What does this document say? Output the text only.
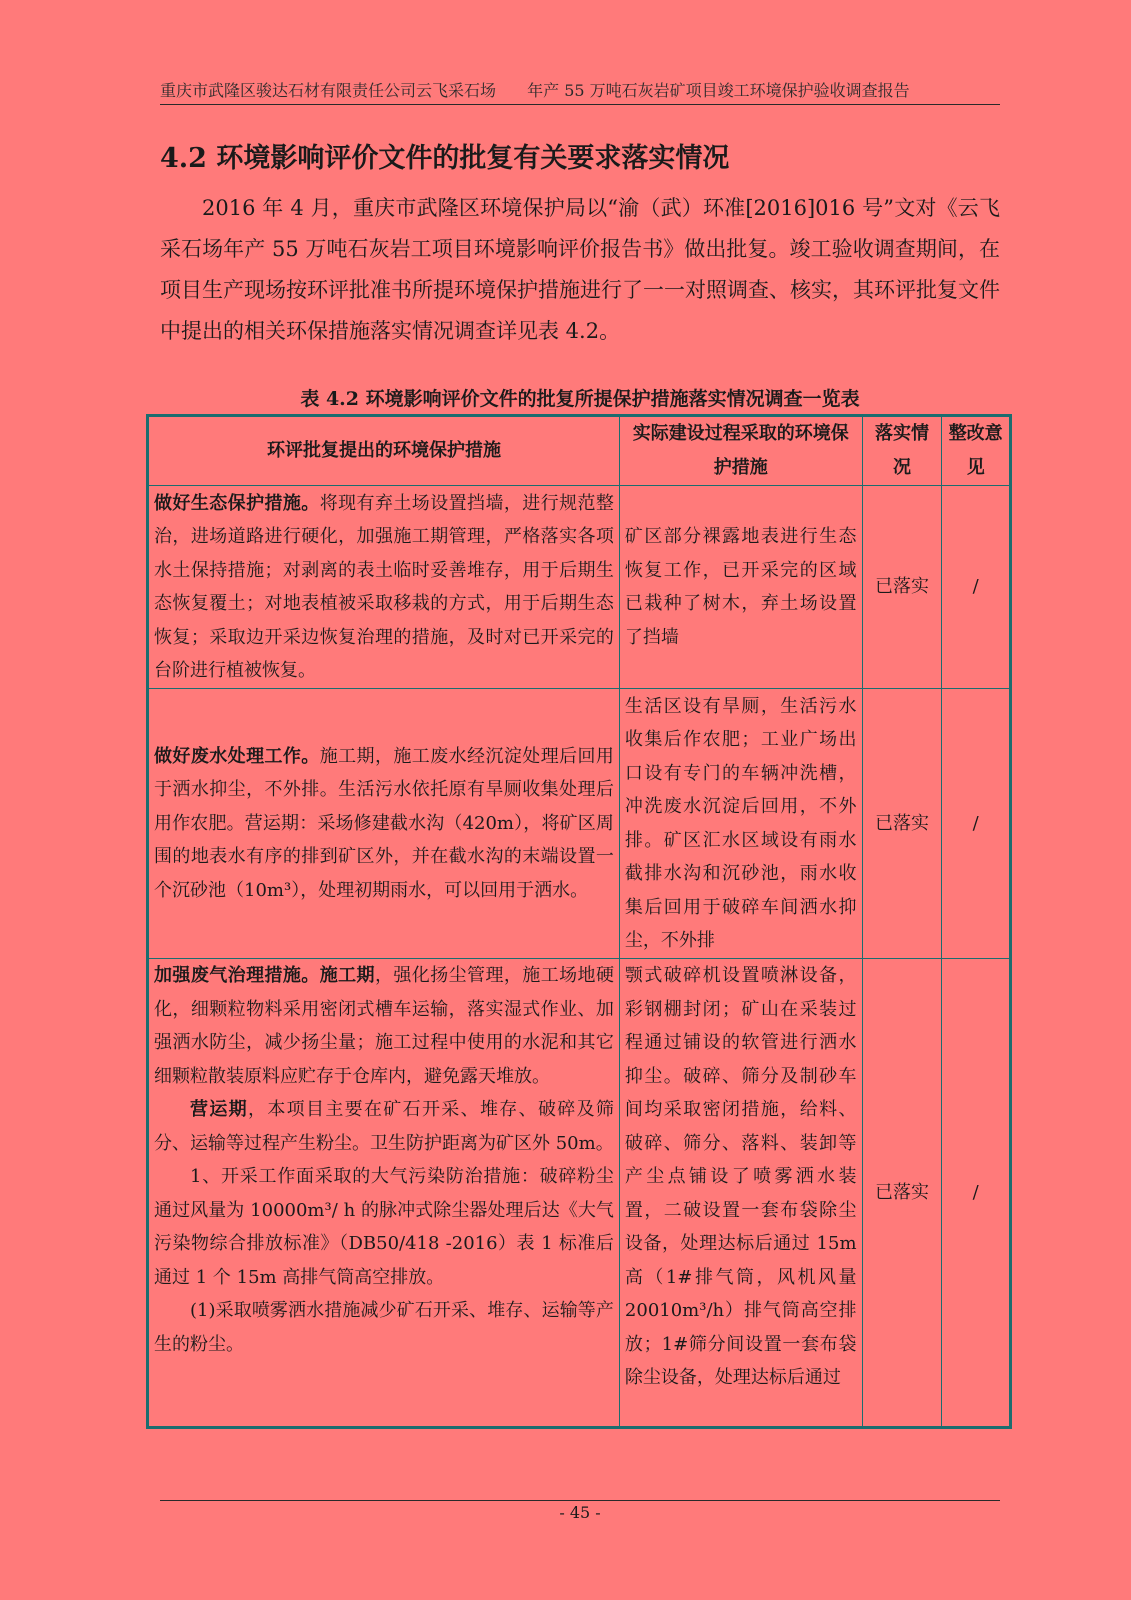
重庆市武隆区骏达石材有限责任公司云飞采石场 年产 55 万吨石灰岩矿项目竣工环境保护验收调查报告
4.2 环境影响评价文件的批复有关要求落实情况

2016 年 4 月，重庆市武隆区环境保护局以“渝（武）环准[2016]016 号”文对《云飞采石场年产 55 万吨石灰岩工项目环境影响评价报告书》做出批复。竣工验收调查期间，在项目生产现场按环评批准书所提环境保护措施进行了一一对照调查、核实，其环评批复文件中提出的相关环保措施落实情况调查详见表 4.2。

表 4.2 环境影响评价文件的批复所提保护措施落实情况调查一览表
环评批复提出的环境保护措施	实际建设过程采取的环境保护措施	落实情况	整改意见
做好生态保护措施。将现有弃土场设置挡墙，进行规范整治，进场道路进行硬化，加强施工期管理，严格落实各项水土保持措施；对剥离的表土临时妥善堆存，用于后期生态恢复覆土；对地表植被采取移栽的方式，用于后期生态恢复；采取边开采边恢复治理的措施，及时对已开采完的台阶进行植被恢复。	矿区部分裸露地表进行生态恢复工作，已开采完的区域已栽种了树木，弃土场设置了挡墙	已落实	/
做好废水处理工作。施工期，施工废水经沉淀处理后回用于洒水抑尘，不外排。生活污水依托原有旱厕收集处理后用作农肥。营运期：采场修建截水沟（420m），将矿区周围的地表水有序的排到矿区外，并在截水沟的末端设置一个沉砂池（10m³），处理初期雨水，可以回用于洒水。	生活区设有旱厕，生活污水收集后作农肥；工业广场出口设有专门的车辆冲洗槽，冲洗废水沉淀后回用，不外排。矿区汇水区域设有雨水截排水沟和沉砂池，雨水收集后回用于破碎车间洒水抑尘，不外排	已落实	/
加强废气治理措施。施工期，强化扬尘管理，施工场地硬化，细颗粒物料采用密闭式槽车运输，落实湿式作业、加强洒水防尘，减少扬尘量；施工过程中使用的水泥和其它细颗粒散装原料应贮存于仓库内，避免露天堆放。
营运期，本项目主要在矿石开采、堆存、破碎及筛分、运输等过程产生粉尘。卫生防护距离为矿区外 50m。
1、开采工作面采取的大气污染防治措施：破碎粉尘通过风量为 10000m³/ h 的脉冲式除尘器处理后达《大气污染物综合排放标准》（DB50/418 -2016）表 1 标准后通过 1 个 15m 高排气筒高空排放。
(1)采取喷雾洒水措施减少矿石开采、堆存、运输等产生的粉尘。	颚式破碎机设置喷淋设备，彩钢棚封闭；矿山在采装过程通过铺设的软管进行洒水抑尘。破碎、筛分及制砂车间均采取密闭措施，给料、破碎、筛分、落料、装卸等产尘点铺设了喷雾洒水装置，二破设置一套布袋除尘设备，处理达标后通过 15m 高（1#排气筒，风机风量 20010m³/h）排气筒高空排放；1#筛分间设置一套布袋除尘设备，处理达标后通过	已落实	/
- 45 -
